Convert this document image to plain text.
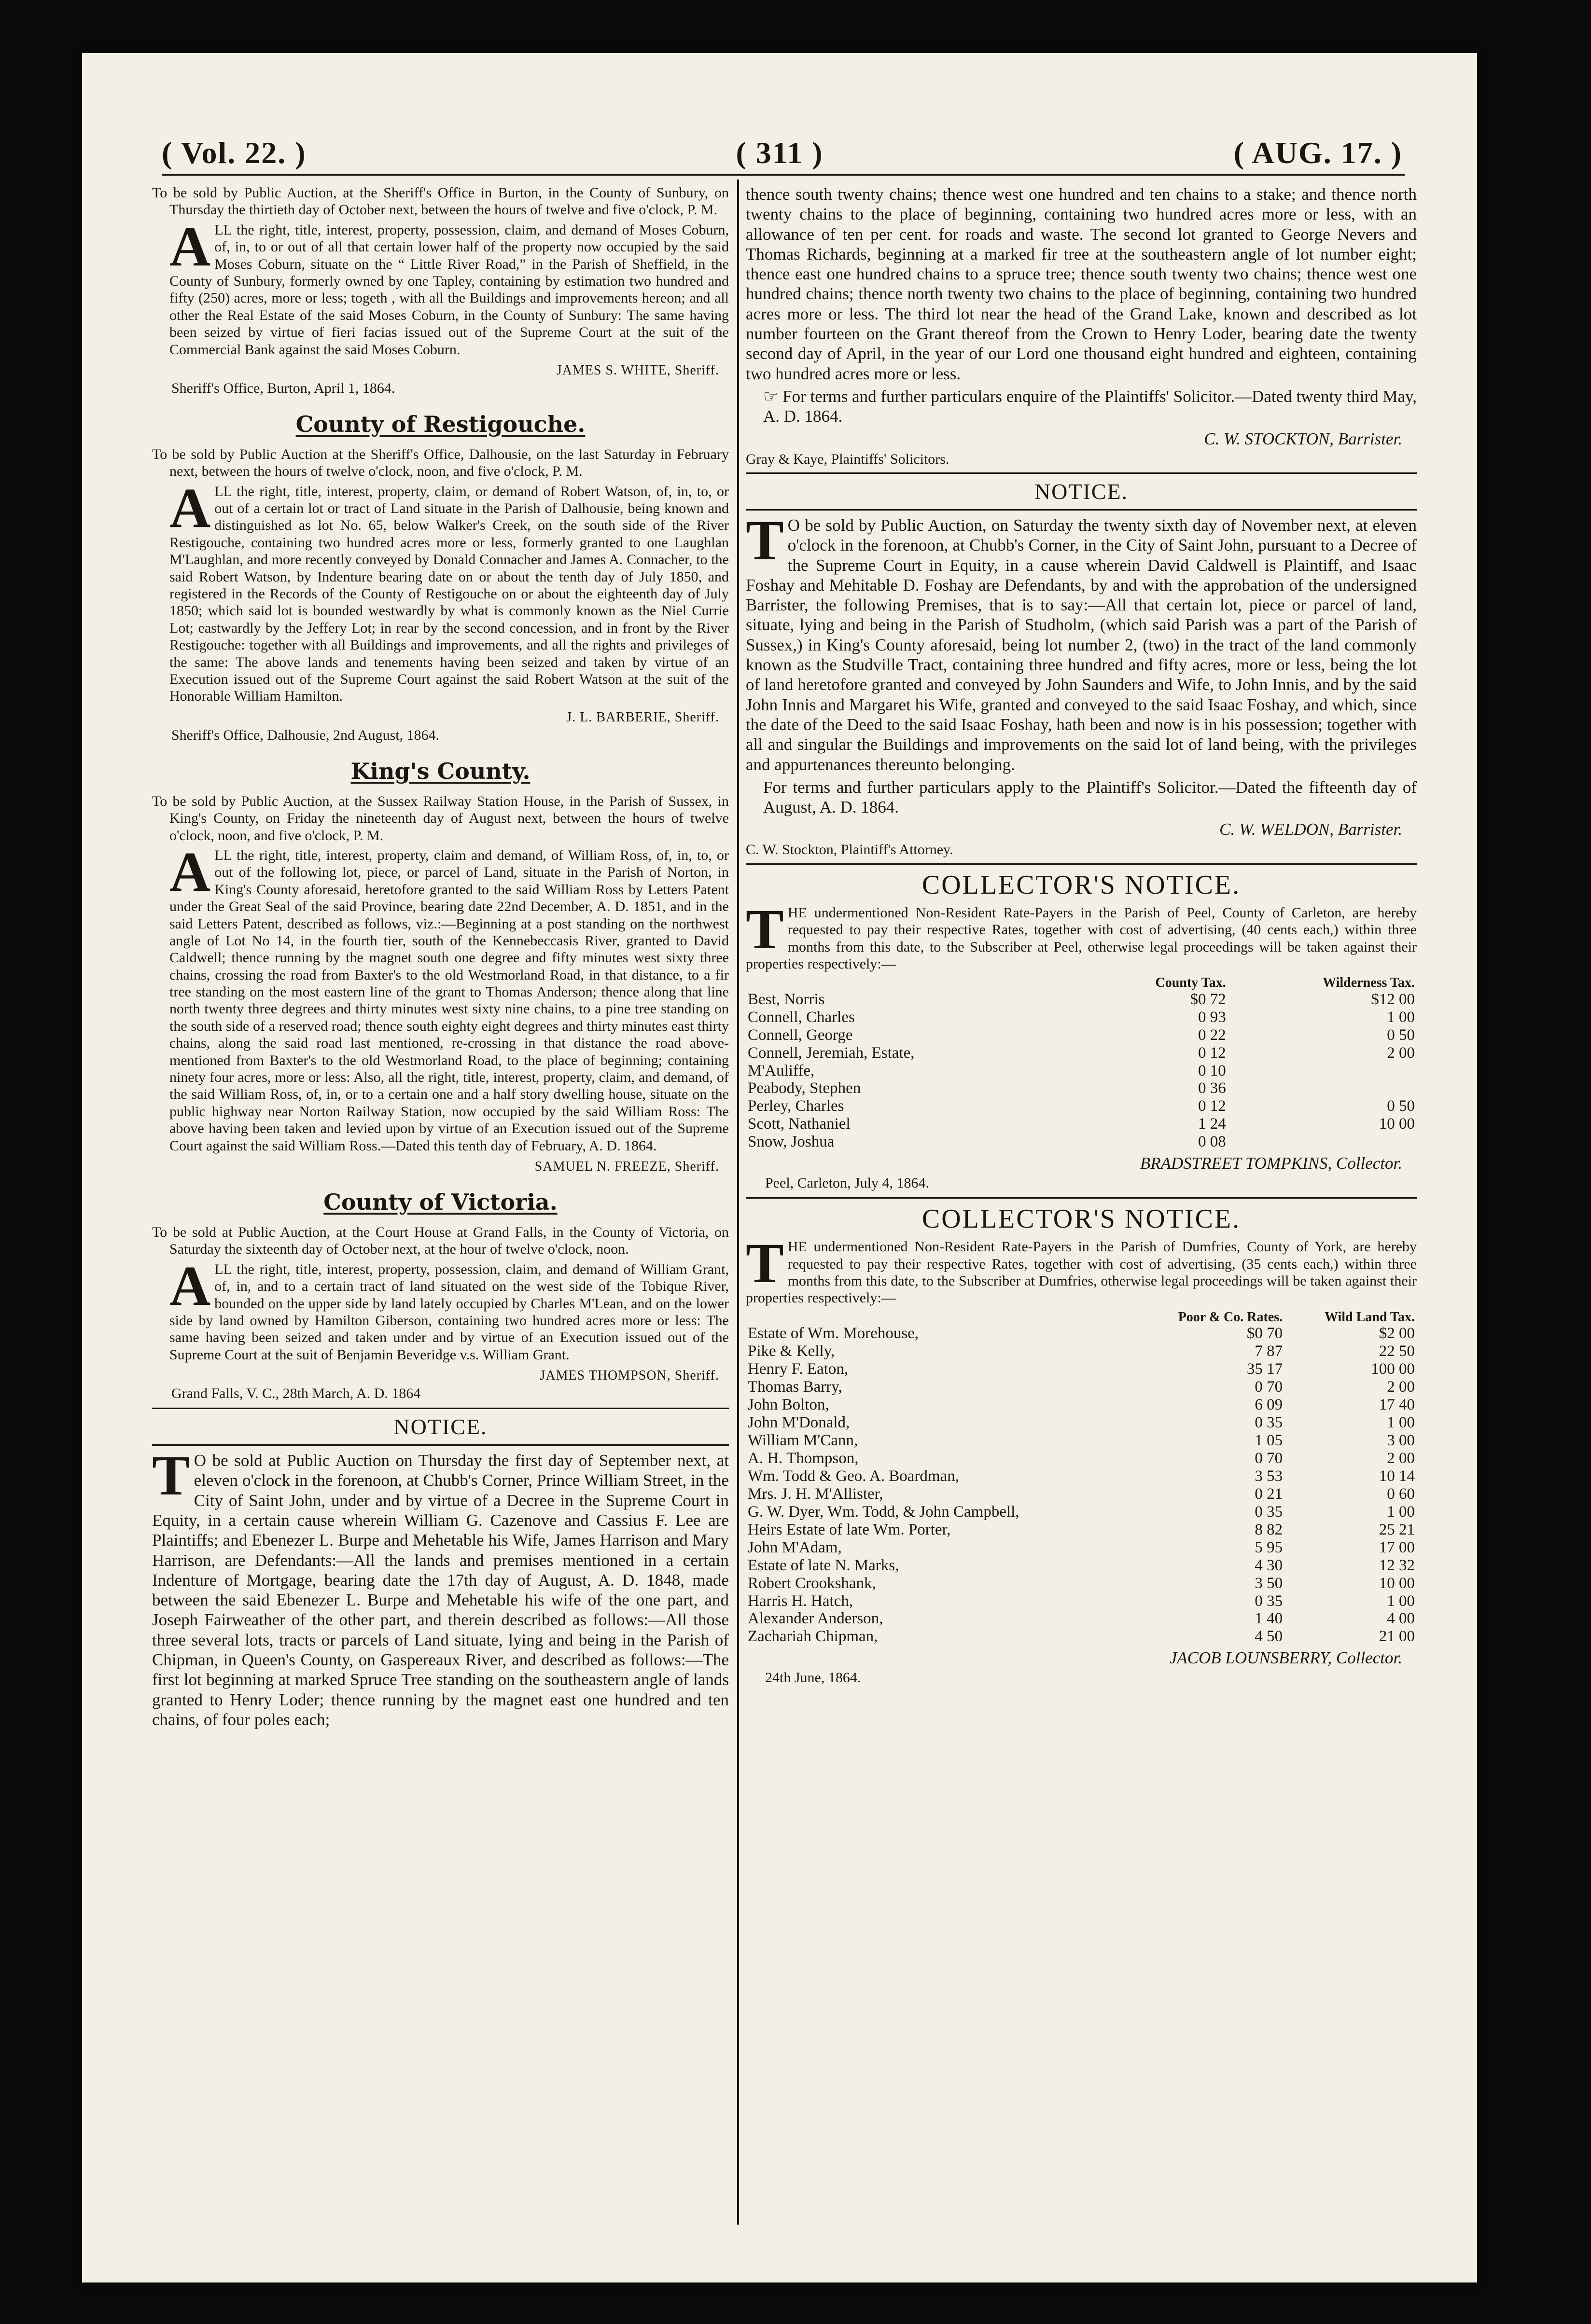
( Vol. 22. )	( 311 )	( AUG. 17. )

To be sold by Public Auction, at the Sheriff's Office in Burton, in the County of Sunbury, on Thursday the thirtieth day of October next, between the hours of twelve and five o'clock, P. M.

ALL the right, title, interest, property, possession, claim, and demand of Moses Coburn, of, in, to or out of all that certain lower half of the property now occupied by the said Moses Coburn, situate on the “ Little River Road,” in the Parish of Sheffield, in the County of Sunbury, formerly owned by one Tapley, containing by estimation two hundred and fifty (250) acres, more or less; togeth , with all the Buildings and improvements hereon; and all other the Real Estate of the said Moses Coburn, in the County of Sunbury: The same having been seized by virtue of fieri facias issued out of the Supreme Court at the suit of the Commercial Bank against the said Moses Coburn.

JAMES S. WHITE, Sheriff.
Sheriff's Office, Burton, April 1, 1864.
County of Restigouche.

To be sold by Public Auction at the Sheriff's Office, Dalhousie, on the last Saturday in February next, between the hours of twelve o'clock, noon, and five o'clock, P. M.

ALL the right, title, interest, property, claim, or demand of Robert Watson, of, in, to, or out of a certain lot or tract of Land situate in the Parish of Dalhousie, being known and distinguished as lot No. 65, below Walker's Creek, on the south side of the River Restigouche, containing two hundred acres more or less, formerly granted to one Laughlan M'Laughlan, and more recently conveyed by Donald Connacher and James A. Connacher, to the said Robert Watson, by Indenture bearing date on or about the tenth day of July 1850, and registered in the Records of the County of Restigouche on or about the eighteenth day of July 1850; which said lot is bounded westwardly by what is commonly known as the Niel Currie Lot; eastwardly by the Jeffery Lot; in rear by the second concession, and in front by the River Restigouche: together with all Buildings and improvements, and all the rights and privileges of the same: The above lands and tenements having been seized and taken by virtue of an Execution issued out of the Supreme Court against the said Robert Watson at the suit of the Honorable William Hamilton.

J. L. BARBERIE, Sheriff.
Sheriff's Office, Dalhousie, 2nd August, 1864.
King's County.

To be sold by Public Auction, at the Sussex Railway Station House, in the Parish of Sussex, in King's County, on Friday the nineteenth day of August next, between the hours of twelve o'clock, noon, and five o'clock, P. M.

ALL the right, title, interest, property, claim and demand, of William Ross, of, in, to, or out of the following lot, piece, or parcel of Land, situate in the Parish of Norton, in King's County aforesaid, heretofore granted to the said William Ross by Letters Patent under the Great Seal of the said Province, bearing date 22nd December, A. D. 1851, and in the said Letters Patent, described as follows, viz.:—Beginning at a post standing on the northwest angle of Lot No 14, in the fourth tier, south of the Kennebeccasis River, granted to David Caldwell; thence running by the magnet south one degree and fifty minutes west sixty three chains, crossing the road from Baxter's to the old Westmorland Road, in that distance, to a fir tree standing on the most eastern line of the grant to Thomas Anderson; thence along that line north twenty three degrees and thirty minutes west sixty nine chains, to a pine tree standing on the south side of a reserved road; thence south eighty eight degrees and thirty minutes east thirty chains, along the said road last mentioned, re-crossing in that distance the road above-mentioned from Baxter's to the old Westmorland Road, to the place of beginning; containing ninety four acres, more or less: Also, all the right, title, interest, property, claim, and demand, of the said William Ross, of, in, or to a certain one and a half story dwelling house, situate on the public highway near Norton Railway Station, now occupied by the said William Ross: The above having been taken and levied upon by virtue of an Execution issued out of the Supreme Court against the said William Ross.—Dated this tenth day of February, A. D. 1864.

SAMUEL N. FREEZE, Sheriff.
County of Victoria.

To be sold at Public Auction, at the Court House at Grand Falls, in the County of Victoria, on Saturday the sixteenth day of October next, at the hour of twelve o'clock, noon.

ALL the right, title, interest, property, possession, claim, and demand of William Grant, of, in, and to a certain tract of land situated on the west side of the Tobique River, bounded on the upper side by land lately occupied by Charles M'Lean, and on the lower side by land owned by Hamilton Giberson, containing two hundred acres more or less: The same having been seized and taken under and by virtue of an Execution issued out of the Supreme Court at the suit of Benjamin Beveridge v.s. William Grant.

JAMES THOMPSON, Sheriff.
Grand Falls, V. C., 28th March, A. D. 1864
NOTICE.

T O be sold at Public Auction on Thursday the first day of September next, at eleven o'clock in the forenoon, at Chubb's Corner, Prince William Street, in the City of Saint John, under and by virtue of a Decree in the Supreme Court in Equity, in a certain cause wherein William G. Cazenove and Cassius F. Lee are Plaintiffs; and Ebenezer L. Burpe and Mehetable his Wife, James Harrison and Mary Harrison, are Defendants:—All the lands and premises mentioned in a certain Indenture of Mortgage, bearing date the 17th day of August, A. D. 1848, made between the said Ebenezer L. Burpe and Mehetable his wife of the one part, and Joseph Fairweather of the other part, and therein described as follows:—All those three several lots, tracts or parcels of Land situate, lying and being in the Parish of Chipman, in Queen's County, on Gaspereaux River, and described as follows:—The first lot beginning at marked Spruce Tree standing on the southeastern angle of lands granted to Henry Loder; thence running by the magnet east one hundred and ten chains, of four poles each;

thence south twenty chains; thence west one hundred and ten chains to a stake; and thence north twenty chains to the place of beginning, containing two hundred acres more or less, with an allowance of ten per cent. for roads and waste. The second lot granted to George Nevers and Thomas Richards, beginning at a marked fir tree at the southeastern angle of lot number eight; thence east one hundred chains to a spruce tree; thence south twenty two chains; thence west one hundred chains; thence north twenty two chains to the place of beginning, containing two hundred acres more or less. The third lot near the head of the Grand Lake, known and described as lot number fourteen on the Grant thereof from the Crown to Henry Loder, bearing date the twenty second day of April, in the year of our Lord one thousand eight hundred and eighteen, containing two hundred acres more or less.

☞ For terms and further particulars enquire of the Plaintiffs' Solicitor.—Dated twenty third May, A. D. 1864.

C. W. STOCKTON, Barrister.

Gray & Kaye, Plaintiffs' Solicitors.

NOTICE.

T O be sold by Public Auction, on Saturday the twenty sixth day of November next, at eleven o'clock in the forenoon, at Chubb's Corner, in the City of Saint John, pursuant to a Decree of the Supreme Court in Equity, in a cause wherein David Caldwell is Plaintiff, and Isaac Foshay and Mehitable D. Foshay are Defendants, by and with the approbation of the undersigned Barrister, the following Premises, that is to say:—All that certain lot, piece or parcel of land, situate, lying and being in the Parish of Studholm, (which said Parish was a part of the Parish of Sussex,) in King's County aforesaid, being lot number 2, (two) in the tract of the land commonly known as the Studville Tract, containing three hundred and fifty acres, more or less, being the lot of land heretofore granted and conveyed by John Saunders and Wife, to John Innis, and by the said John Innis and Margaret his Wife, granted and conveyed to the said Isaac Foshay, and which, since the date of the Deed to the said Isaac Foshay, hath been and now is in his possession; together with all and singular the Buildings and improvements on the said lot of land being, with the privileges and appurtenances thereunto belonging.

For terms and further particulars apply to the Plaintiff's Solicitor.—Dated the fifteenth day of August, A. D. 1864.

C. W. WELDON, Barrister.

C. W. Stockton, Plaintiff's Attorney.

COLLECTOR'S NOTICE.

THE undermentioned Non-Resident Rate-Payers in the Parish of Peel, County of Carleton, are hereby requested to pay their respective Rates, together with cost of advertising, (40 cents each,) within three months from this date, to the Subscriber at Peel, otherwise legal proceedings will be taken against their properties respectively:—

	County Tax.	Wilderness Tax.
Best, Norris	$0 72	$12 00
Connell, Charles	0 93	1 00
Connell, George	0 22	0 50
Connell, Jeremiah, Estate,	0 12	2 00
M'Auliffe,	0 10	
Peabody, Stephen	0 36	
Perley, Charles	0 12	0 50
Scott, Nathaniel	1 24	10 00
Snow, Joshua	0 08	
BRADSTREET TOMPKINS, Collector.
Peel, Carleton, July 4, 1864.
COLLECTOR'S NOTICE.

THE undermentioned Non-Resident Rate-Payers in the Parish of Dumfries, County of York, are hereby requested to pay their respective Rates, together with cost of advertising, (35 cents each,) within three months from this date, to the Subscriber at Dumfries, otherwise legal proceedings will be taken against their properties respectively:—

	Poor & Co. Rates.	Wild Land Tax.
Estate of Wm. Morehouse,	$0 70	$2 00
Pike & Kelly,	7 87	22 50
Henry F. Eaton,	35 17	100 00
Thomas Barry,	0 70	2 00
John Bolton,	6 09	17 40
John M'Donald,	0 35	1 00
William M'Cann,	1 05	3 00
A. H. Thompson,	0 70	2 00
Wm. Todd & Geo. A. Boardman,	3 53	10 14
Mrs. J. H. M'Allister,	0 21	0 60
G. W. Dyer, Wm. Todd, & John Campbell,	0 35	1 00
Heirs Estate of late Wm. Porter,	8 82	25 21
John M'Adam,	5 95	17 00
Estate of late N. Marks,	4 30	12 32
Robert Crookshank,	3 50	10 00
Harris H. Hatch,	0 35	1 00
Alexander Anderson,	1 40	4 00
Zachariah Chipman,	4 50	21 00
JACOB LOUNSBERRY, Collector.
24th June, 1864.
